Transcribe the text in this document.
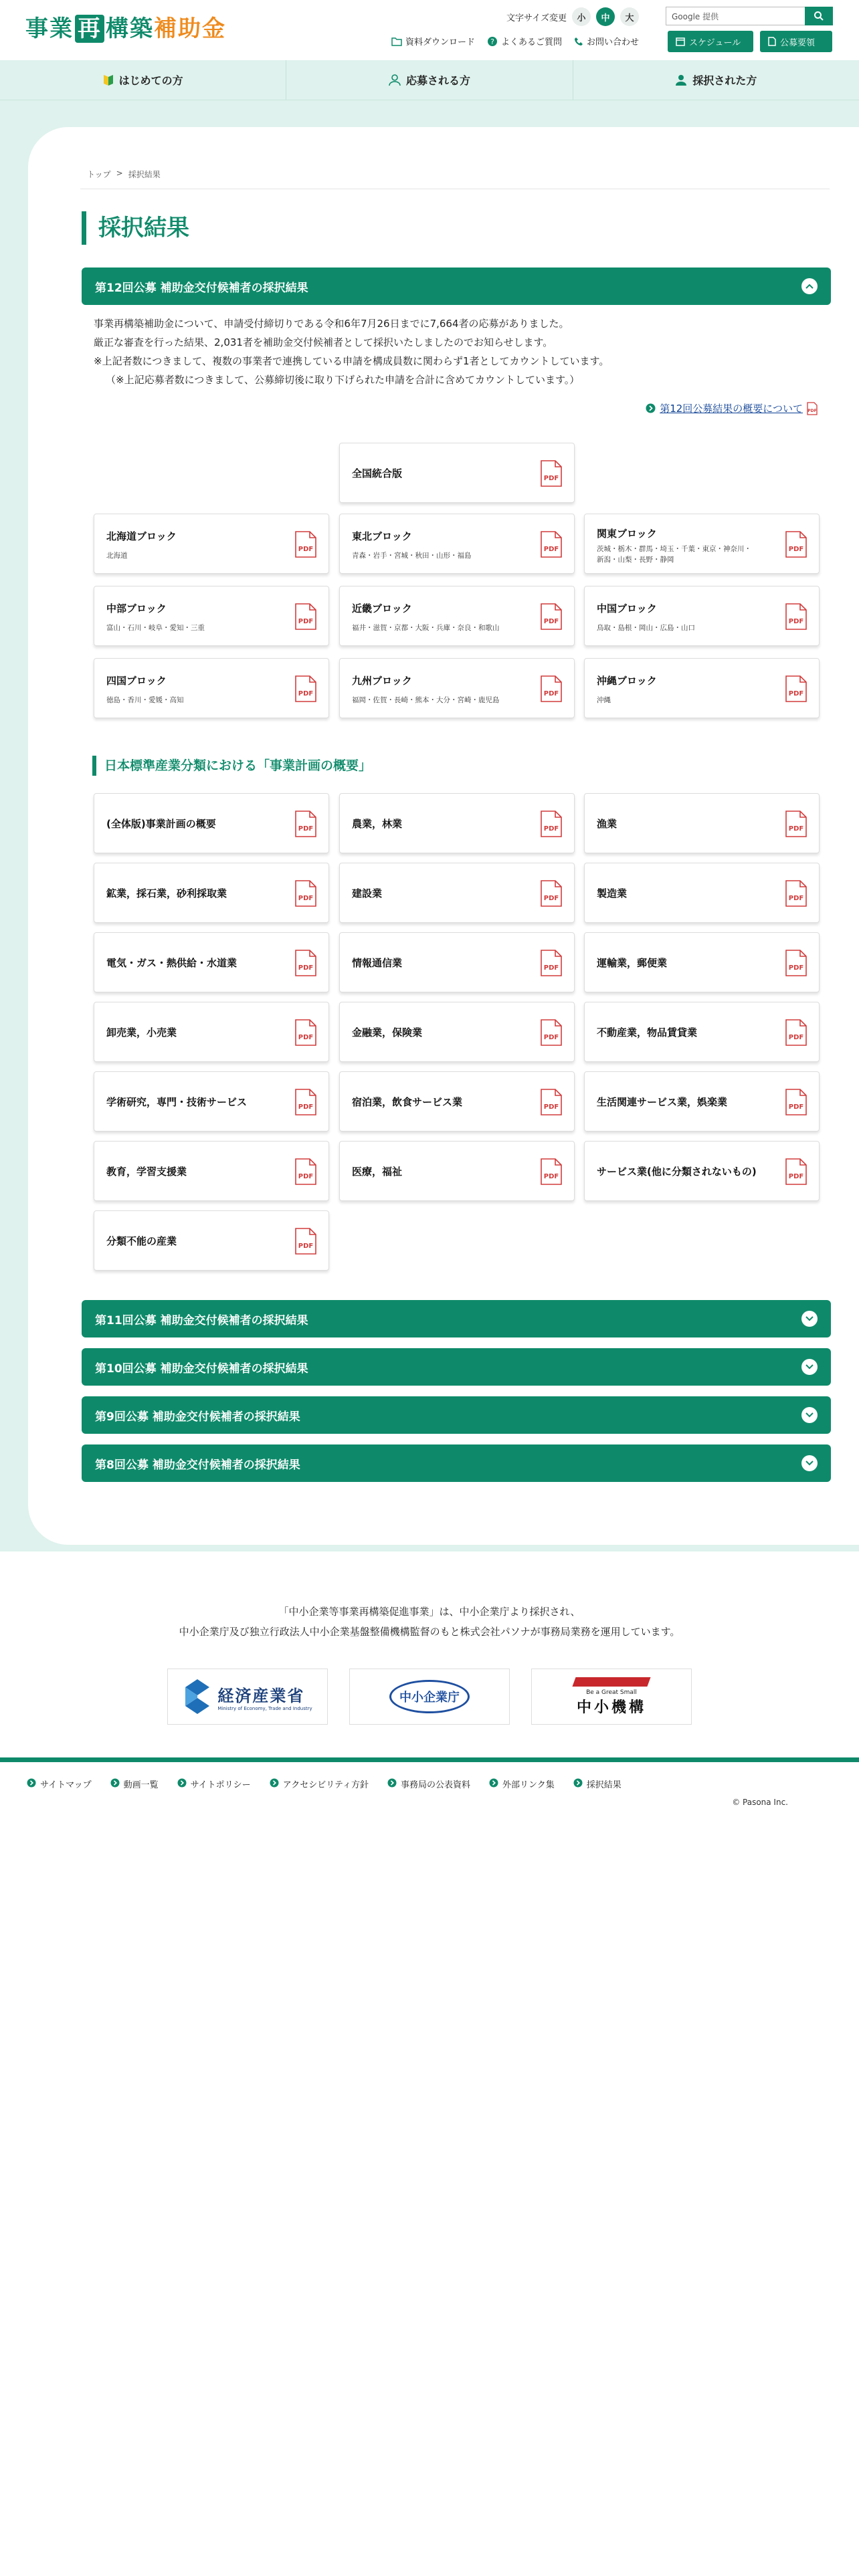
事業 再 構築補助金	文字サイズ変更	小	中	大	Google 提供
資料ダウンロード ? よくあるご質問	お問い合わせ	スケジュール	公募要領
はじめての方	応募される方	採択された方
トップ > 採択結果
採択結果
第12回公募 補助金交付候補者の採択結果
事業再構築補助金について、申請受付締切りである令和6年7月26日までに7,664者の応募がありました。
厳正な審査を行った結果、2,031者を補助金交付候補者として採択いたしましたのでお知らせします。
※上記者数につきまして、複数の事業者で連携している申請を構成員数に関わらず1者としてカウントしています。
（※上記応募者数につきまして、公募締切後に取り下げられた申請を合計に含めてカウントしています。）
第12回公募結果の概要について PDF
全国統合版	PDF
北海道ブロック
北海道
PDF
東北ブロック
青森・岩手・宮城・秋田・山形・福島
PDF
関東ブロック
茨城・栃木・群馬・埼玉・千葉・東京・神奈川・
新潟・山梨・長野・静岡
PDF
中部ブロック
富山・石川・岐阜・愛知・三重
PDF
近畿ブロック
福井・滋賀・京都・大阪・兵庫・奈良・和歌山
PDF
中国ブロック
鳥取・島根・岡山・広島・山口
PDF
四国ブロック
徳島・香川・愛媛・高知
PDF
九州ブロック
福岡・佐賀・長崎・熊本・大分・宮崎・鹿児島
PDF
沖縄ブロック
沖縄
PDF
日本標準産業分類における「事業計画の概要」
(全体版)事業計画の概要	PDF	農業，林業	PDF	漁業	PDF
鉱業，採石業，砂利採取業	PDF	建設業	PDF	製造業	PDF
電気・ガス・熱供給・水道業	PDF	情報通信業	PDF	運輸業，郵便業	PDF
卸売業，小売業	PDF	金融業，保険業	PDF	不動産業，物品賃貸業	PDF
学術研究，専門・技術サービス	PDF	宿泊業，飲食サービス業	PDF	生活関連サービス業，娯楽業	PDF
教育，学習支援業	PDF	医療，福祉	PDF	サービス業(他に分類されないもの)	PDF
分類不能の産業	PDF
第11回公募 補助金交付候補者の採択結果
第10回公募 補助金交付候補者の採択結果
第9回公募 補助金交付候補者の採択結果
第8回公募 補助金交付候補者の採択結果
「中小企業等事業再構築促進事業」は、中小企業庁より採択され、
中小企業庁及び独立行政法人中小企業基盤整備機構監督のもと株式会社パソナが事務局業務を運用しています。
経済産業省
Ministry of Economy, Trade and Industry
中小企業庁	Be a Great Small
中小機構
サイトマップ	動画一覧	サイトポリシー	アクセシビリティ方針	事務局の公表資料	外部リンク集	採択結果
© Pasona Inc.
